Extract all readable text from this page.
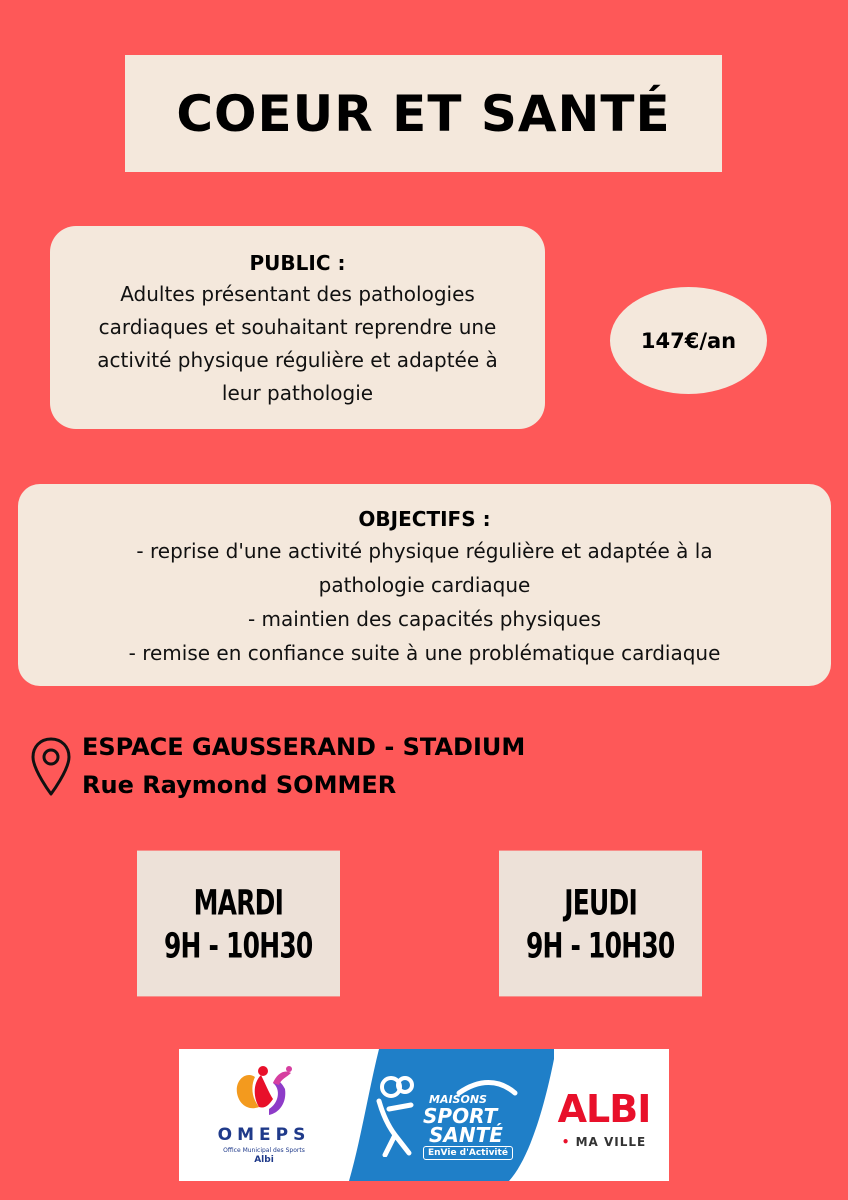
COEUR ET SANTÉ
PUBLIC :
Adultes présentant des pathologies
cardiaques et souhaitant reprendre une
activité physique régulière et adaptée à
leur pathologie
147€/an
OBJECTIFS :
- reprise d'une activité physique régulière et adaptée à la
pathologie cardiaque
- maintien des capacités physiques
- remise en confiance suite à une problématique cardiaque
ESPACE GAUSSERAND - STADIUM
Rue Raymond SOMMER
MARDI
9H - 10H30
JEUDI
9H - 10H30
OMEPS
Office Municipal des Sports
Albi
MAISONS
SPORT
SANTÉ
EnVie d'Activité
ALBI
• MA VILLE
